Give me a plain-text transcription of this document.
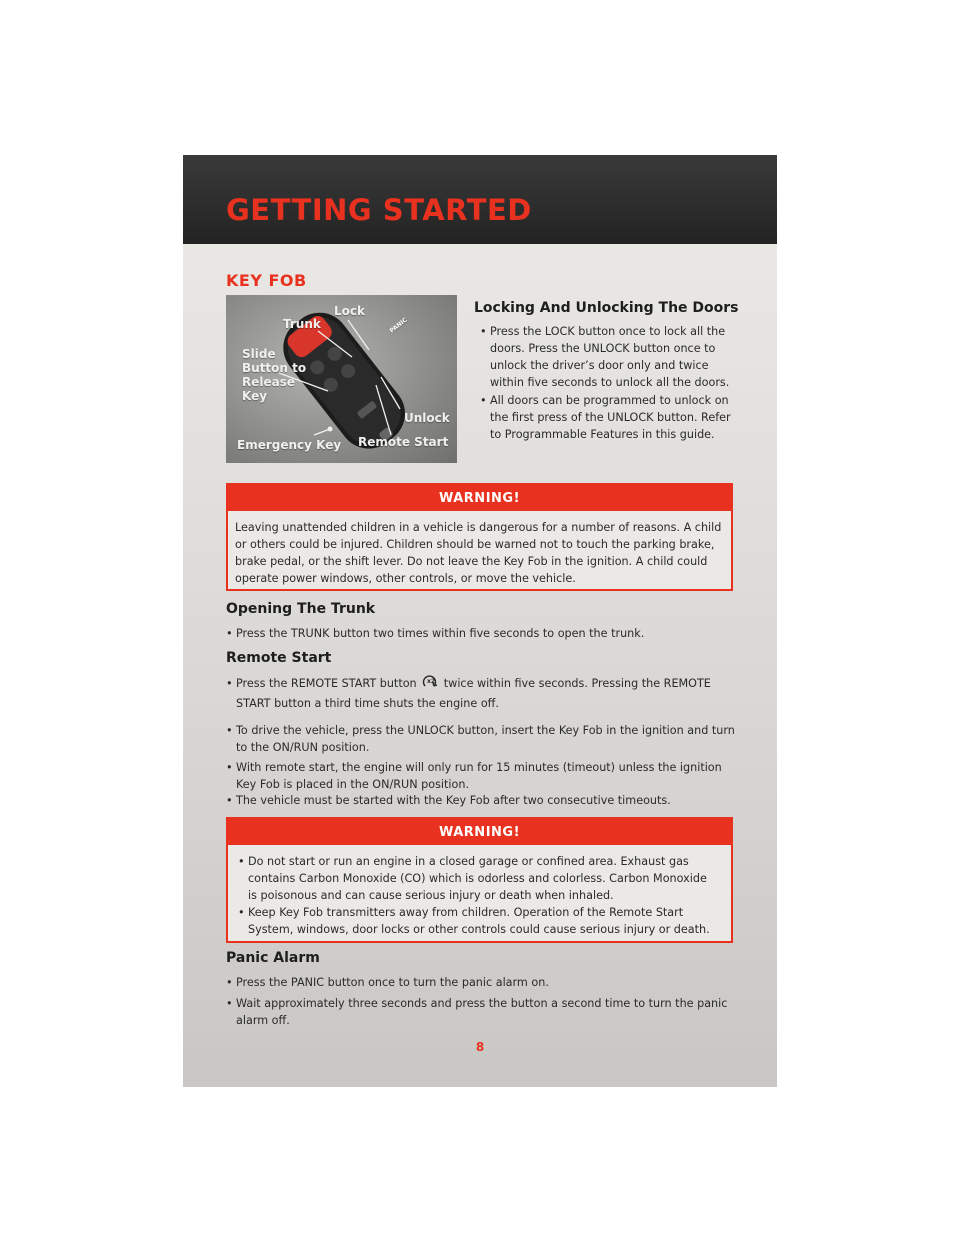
GETTING STARTED
KEY FOB
Lock
Trunk
Slide
Button to
Release
Key
Unlock
Emergency Key Remote Start
PANIC
Locking And Unlocking The Doors
• Press the LOCK button once to lock all the doors. Press the UNLOCK button once to unlock the driver’s door only and twice within five seconds to unlock all the doors.
• All doors can be programmed to unlock on the first press of the UNLOCK button. Refer to Programmable Features in this guide.
WARNING!
Leaving unattended children in a vehicle is dangerous for a number of reasons. A child or others could be injured. Children should be warned not to touch the parking brake, brake pedal, or the shift lever. Do not leave the Key Fob in the ignition. A child could operate power windows, other controls, or move the vehicle.
Opening The Trunk
• Press the TRUNK button two times within five seconds to open the trunk.
Remote Start
• Press the REMOTE START button x2 twice within five seconds. Pressing the REMOTE START button a third time shuts the engine off.
• To drive the vehicle, press the UNLOCK button, insert the Key Fob in the ignition and turn to the ON/RUN position.
• With remote start, the engine will only run for 15 minutes (timeout) unless the ignition Key Fob is placed in the ON/RUN position.
• The vehicle must be started with the Key Fob after two consecutive timeouts.
WARNING!
• Do not start or run an engine in a closed garage or confined area. Exhaust gas contains Carbon Monoxide (CO) which is odorless and colorless. Carbon Monoxide is poisonous and can cause serious injury or death when inhaled.
• Keep Key Fob transmitters away from children. Operation of the Remote Start System, windows, door locks or other controls could cause serious injury or death.
Panic Alarm
• Press the PANIC button once to turn the panic alarm on.
• Wait approximately three seconds and press the button a second time to turn the panic alarm off.
8
